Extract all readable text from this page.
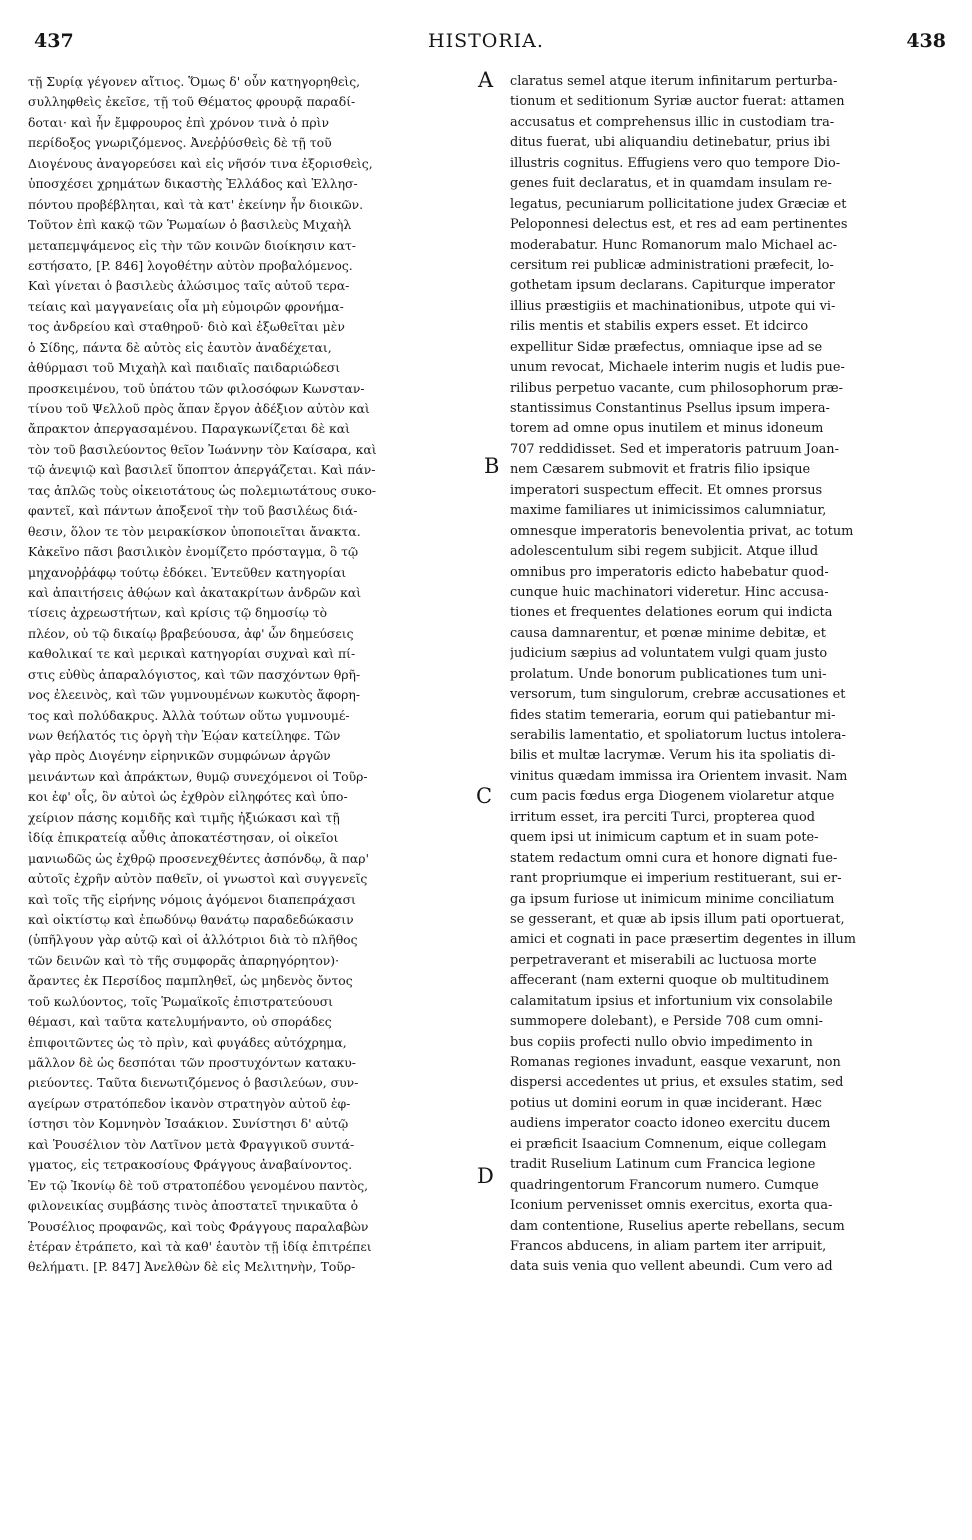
437	HISTORIA.	438
τῇ Συρίᾳ γέγονεν αἴτιος. Ὅμως δ' οὖν κατηγορηθεὶς,
συλληφθεὶς ἐκεῖσε, τῇ τοῦ Θέματος φρουρᾷ παραδί-
δοται· καὶ ἦν ἔμφρουρος ἐπὶ χρόνον τινὰ ὁ πρὶν
περίδοξος γνωριζόμενος. Ἀνεῤῥύσθεὶς δὲ τῇ τοῦ
Διογένους ἀναγορεύσει καὶ εἰς νῆσόν τινα ἐξορισθεὶς,
ὑποσχέσει χρημάτων δικαστὴς Ἑλλάδος καὶ Ἑλλησ-
πόντου προβέβληται, καὶ τὰ κατ' ἐκείνην ἦν διοικῶν.
Τοῦτον ἐπὶ κακῷ τῶν Ῥωμαίων ὁ βασιλεὺς Μιχαὴλ
μεταπεμψάμενος εἰς τὴν τῶν κοινῶν διοίκησιν κατ-
εστήσατο, [P. 846] λογοθέτην αὐτὸν προβαλόμενος.
Καὶ γίνεται ὁ βασιλεὺς ἁλώσιμος ταῖς αὐτοῦ τερα-
τείαις καὶ μαγγανείαις οἷα μὴ εὐμοιρῶν φρονήμα-
τος ἀνδρείου καὶ σταθηροῦ· διὸ καὶ ἐξωθεῖται μὲν
ὁ Σίδης, πάντα δὲ αὐτὸς εἰς ἑαυτὸν ἀναδέχεται,
ἀθύρμασι τοῦ Μιχαὴλ καὶ παιδιαῖς παιδαριώδεσι
προσκειμένου, τοῦ ὑπάτου τῶν φιλοσόφων Κωνσταν-
τίνου τοῦ Ψελλοῦ πρὸς ἅπαν ἔργον ἀδέξιον αὐτὸν καὶ
ἄπρακτον ἀπεργασαμένου. Παραγκωνίζεται δὲ καὶ
τὸν τοῦ βασιλεύοντος θεῖον Ἰωάννην τὸν Καίσαρα, καὶ
τῷ ἀνεψιῷ καὶ βασιλεῖ ὕποπτον ἀπεργάζεται. Καὶ πάν-
τας ἁπλῶς τοὺς οἰκειοτάτους ὡς πολεμιωτάτους συκο-
φαντεῖ, καὶ πάντων ἀποξενοῖ τὴν τοῦ βασιλέως διά-
θεσιν, ὅλον τε τὸν μειρακίσκον ὑποποιεῖται ἄνακτα.
Κἀκεῖνο πᾶσι βασιλικὸν ἐνομίζετο πρόσταγμα, ὃ τῷ
μηχανοῤῥάφῳ τούτῳ ἐδόκει. Ἐντεῦθεν κατηγορίαι
καὶ ἀπαιτήσεις ἀθῴων καὶ ἀκατακρίτων ἀνδρῶν καὶ
τίσεις ἀχρεωστήτων, καὶ κρίσις τῷ δημοσίῳ τὸ
πλέον, οὐ τῷ δικαίῳ βραβεύουσα, ἀφ' ὧν δημεύσεις
καθολικαί τε καὶ μερικαὶ κατηγορίαι συχναὶ καὶ πί-
στις εὐθὺς ἀπαραλόγιστος, καὶ τῶν πασχόντων θρῆ-
νος ἐλεεινὸς, καὶ τῶν γυμνουμένων κωκυτὸς ἄφορη-
τος καὶ πολύδακρυς. Ἀλλὰ τούτων οὕτω γυμνουμέ-
νων θεήλατός τις ὀργὴ τὴν Ἑῴαν κατείληφε. Τῶν
γὰρ πρὸς Διογένην εἰρηνικῶν συμφώνων ἀργῶν
μεινάντων καὶ ἀπράκτων, θυμῷ συνεχόμενοι οἱ Τοῦρ-
κοι ἐφ' οἷς, ὃν αὐτοὶ ὡς ἐχθρὸν εἰληφότες καὶ ὑπο-
χείριον πάσης κομιδῆς καὶ τιμῆς ἠξιώκασι καὶ τῇ
ἰδίᾳ ἐπικρατείᾳ αὖθις ἀποκατέστησαν, οἱ οἰκεῖοι
μανιωδῶς ὡς ἐχθρῷ προσενεχθέντες ἀσπόνδῳ, ἃ παρ'
αὐτοῖς ἐχρῆν αὐτὸν παθεῖν, οἱ γνωστοὶ καὶ συγγενεῖς
καὶ τοῖς τῆς εἰρήνης νόμοις ἀγόμενοι διαπεπράχασι
καὶ οἰκτίστῳ καὶ ἐπωδύνῳ θανάτῳ παραδεδώκασιν
(ὑπῆλγουν γὰρ αὐτῷ καὶ οἱ ἀλλότριοι διὰ τὸ πλῆθος
τῶν δεινῶν καὶ τὸ τῆς συμφορᾶς ἀπαρηγόρητον)·
ἄραντες ἐκ Περσίδος παμπληθεῖ, ὡς μηδενὸς ὄντος
τοῦ κωλύοντος, τοῖς Ῥωμαϊκοῖς ἐπιστρατεύουσι
θέμασι, καὶ ταῦτα κατελυμήναντο, οὐ σποράδες
ἐπιφοιτῶντες ὡς τὸ πρὶν, καὶ φυγάδες αὐτόχρημα,
μᾶλλον δὲ ὡς δεσπόται τῶν προστυχόντων κατακυ-
ριεύοντες. Ταῦτα διενωτιζόμενος ὁ βασιλεύων, συν-
αγείρων στρατόπεδον ἱκανὸν στρατηγὸν αὐτοῦ ἐφ-
ίστησι τὸν Κομνηνὸν Ἰσαάκιον. Συνίστησι δ' αὐτῷ
καὶ Ῥουσέλιον τὸν Λατῖνον μετὰ Φραγγικοῦ συντά-
γματος, εἰς τετρακοσίους Φράγγους ἀναβαίνοντος.
Ἐν τῷ Ἰκονίῳ δὲ τοῦ στρατοπέδου γενομένου παντὸς,
φιλονεικίας συμβάσης τινὸς ἀποστατεῖ τηνικαῦτα ὁ
Ῥουσέλιος προφανῶς, καὶ τοὺς Φράγγους παραλαβὼν
ἑτέραν ἐτράπετο, καὶ τὰ καθ' ἑαυτὸν τῇ ἰδίᾳ ἐπιτρέπει
θελήματι. [P. 847] Ἀνελθὼν δὲ εἰς Μελιτηνὴν, Τοῦρ-
claratus semel atque iterum infinitarum perturba-
tionum et seditionum Syriæ auctor fuerat: attamen
accusatus et comprehensus illic in custodiam tra-
ditus fuerat, ubi aliquandiu detinebatur, prius ibi
illustris cognitus. Effugiens vero quo tempore Dio-
genes fuit declaratus, et in quamdam insulam re-
legatus, pecuniarum pollicitatione judex Græciæ et
Peloponnesi delectus est, et res ad eam pertinentes
moderabatur. Hunc Romanorum malo Michael ac-
cersitum rei publicæ administrationi præfecit, lo-
gothetam ipsum declarans. Capiturque imperator
illius præstigiis et machinationibus, utpote qui vi-
rilis mentis et stabilis expers esset. Et idcirco
expellitur Sidæ præfectus, omniaque ipse ad se
unum revocat, Michaele interim nugis et ludis pue-
rilibus perpetuo vacante, cum philosophorum præ-
stantissimus Constantinus Psellus ipsum impera-
torem ad omne opus inutilem et minus idoneum
707 reddidisset. Sed et imperatoris patruum Joan-
nem Cæsarem submovit et fratris filio ipsique
imperatori suspectum effecit. Et omnes prorsus
maxime familiares ut inimicissimos calumniatur,
omnesque imperatoris benevolentia privat, ac totum
adolescentulum sibi regem subjicit. Atque illud
omnibus pro imperatoris edicto habebatur quod-
cunque huic machinatori videretur. Hinc accusa-
tiones et frequentes delationes eorum qui indicta
causa damnarentur, et pœnæ minime debitæ, et
judicium sæpius ad voluntatem vulgi quam justo
prolatum. Unde bonorum publicationes tum uni-
versorum, tum singulorum, crebræ accusationes et
fides statim temeraria, eorum qui patiebantur mi-
serabilis lamentatio, et spoliatorum luctus intolera-
bilis et multæ lacrymæ. Verum his ita spoliatis di-
vinitus quædam immissa ira Orientem invasit. Nam
cum pacis fœdus erga Diogenem violaretur atque
irritum esset, ira perciti Turci, propterea quod
quem ipsi ut inimicum captum et in suam pote-
statem redactum omni cura et honore dignati fue-
rant propriumque ei imperium restituerant, sui er-
ga ipsum furiose ut inimicum minime conciliatum
se gesserant, et quæ ab ipsis illum pati oportuerat,
amici et cognati in pace præsertim degentes in illum
perpetraverant et miserabili ac luctuosa morte
affecerant (nam externi quoque ob multitudinem
calamitatum ipsius et infortunium vix consolabile
summopere dolebant), e Perside 708 cum omni-
bus copiis profecti nullo obvio impedimento in
Romanas regiones invadunt, easque vexarunt, non
dispersi accedentes ut prius, et exsules statim, sed
potius ut domini eorum in quæ inciderant. Hæc
audiens imperator coacto idoneo exercitu ducem
ei præficit Isaacium Comnenum, eique collegam
tradit Ruselium Latinum cum Francica legione
quadringentorum Francorum numero. Cumque
Iconium pervenisset omnis exercitus, exorta qua-
dam contentione, Ruselius aperte rebellans, secum
Francos abducens, in aliam partem iter arripuit,
data suis venia quo vellent abeundi. Cum vero ad
A
B
C
D
